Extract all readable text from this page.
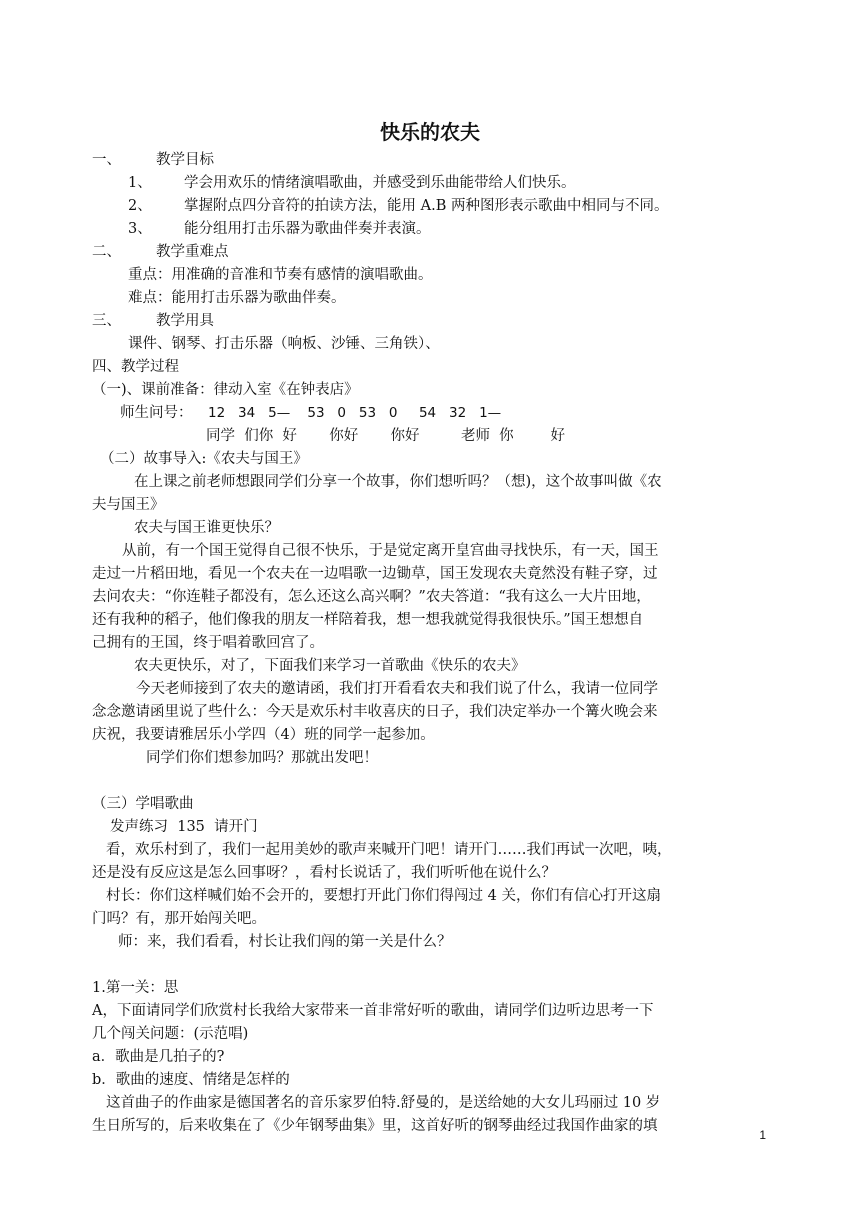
快乐的农夫
一、 教学目标
1、 学会用欢乐的情绪演唱歌曲，并感受到乐曲能带给人们快乐。
2、 掌握附点四分音符的拍读方法，能用 A.B 两种图形表示歌曲中相同与不同。
3、 能分组用打击乐器为歌曲伴奏并表演。
二、 教学重难点
重点：用准确的音准和节奏有感情的演唱歌曲。
难点：能用打击乐器为歌曲伴奏。
三、 教学用具
课件、钢琴、打击乐器（响板、沙锤、三角铁）、
四、教学过程
（一)、课前准备：律动入室《在钟表店》
师生问号： 12   34   5—    53   0   53   0     54   32   1—
同学  们你  好       你好       你好         老师  你        好
（二）故事导入:《农夫与国王》
在上课之前老师想跟同学们分享一个故事，你们想听吗？（想)，这个故事叫做《农
夫与国王》
农夫与国王谁更快乐？
从前，有一个国王觉得自己很不快乐，于是觉定离开皇宫曲寻找快乐，有一天，国王
走过一片稻田地，看见一个农夫在一边唱歌一边锄草，国王发现农夫竟然没有鞋子穿，过
去问农夫：“你连鞋子都没有，怎么还这么高兴啊？”农夫答道：“我有这么一大片田地，
还有我种的稻子，他们像我的朋友一样陪着我，想一想我就觉得我很快乐。”国王想想自
己拥有的王国，终于唱着歌回宫了。
农夫更快乐，对了，下面我们来学习一首歌曲《快乐的农夫》
今天老师接到了农夫的邀请函，我们打开看看农夫和我们说了什么，我请一位同学
念念邀请函里说了些什么：今天是欢乐村丰收喜庆的日子，我们决定举办一个篝火晚会来
庆祝，我要请雅居乐小学四（4）班的同学一起参加。
同学们你们想参加吗？那就出发吧！
（三）学唱歌曲
发声练习  135  请开门
看，欢乐村到了，我们一起用美妙的歌声来喊开门吧！请开门……我们再试一次吧，咦，
还是没有反应这是怎么回事呀？，看村长说话了，我们听听他在说什么？
村长：你们这样喊们始不会开的，要想打开此门你们得闯过 4 关，你们有信心打开这扇
门吗？有，那开始闯关吧。
师：来，我们看看，村长让我们闯的第一关是什么？
1.第一关：思
A，下面请同学们欣赏村长我给大家带来一首非常好听的歌曲，请同学们边听边思考一下
几个闯关问题：(示范唱)
a．歌曲是几拍子的?
b．歌曲的速度、情绪是怎样的
这首曲子的作曲家是德国著名的音乐家罗伯特.舒曼的，是送给她的大女儿玛丽过 10 岁
生日所写的，后来收集在了《少年钢琴曲集》里，这首好听的钢琴曲经过我国作曲家的填
1
